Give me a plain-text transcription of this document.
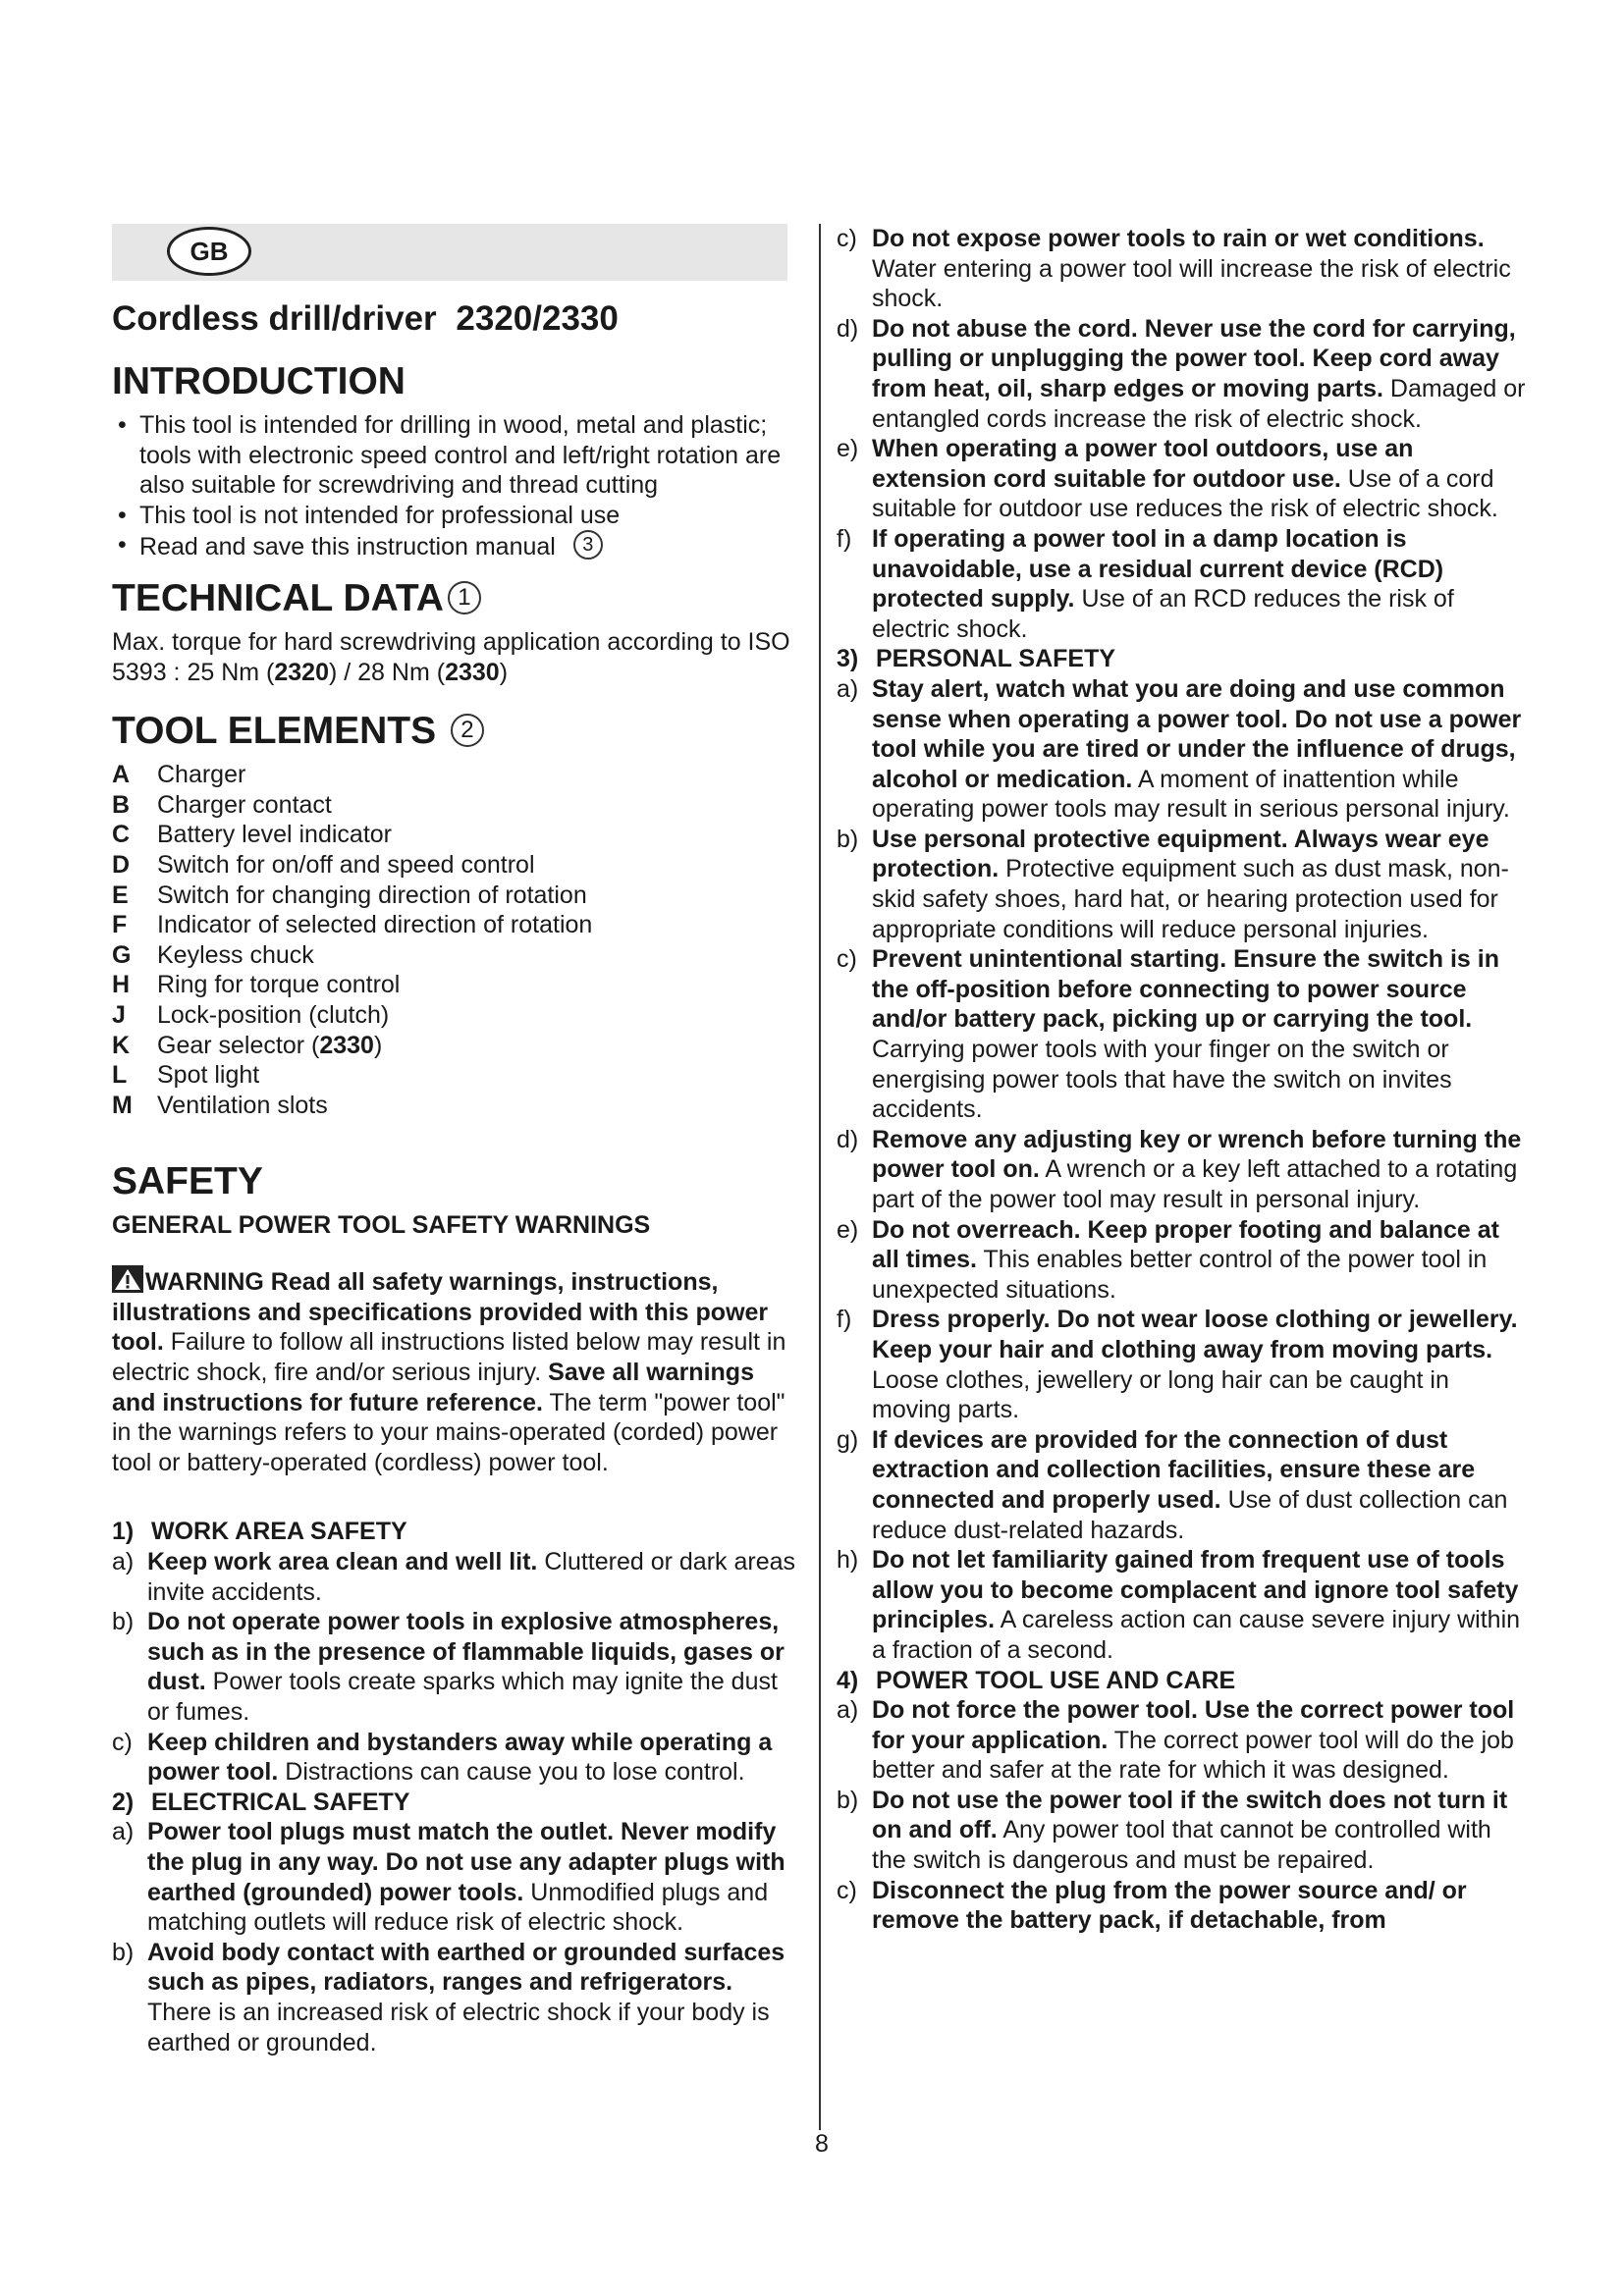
GB
Cordless drill/driver 2320/2330
INTRODUCTION
• This tool is intended for drilling in wood, metal and plastic; tools with electronic speed control and left/right rotation are also suitable for screwdriving and thread cutting
• This tool is not intended for professional use
• Read and save this instruction manual 3
TECHNICAL DATA 1
Max. torque for hard screwdriving application according to ISO 5393 : 25 Nm (2320) / 28 Nm (2330)
TOOL ELEMENTS 2
A	Charger
B	Charger contact
C	Battery level indicator
D	Switch for on/off and speed control
E	Switch for changing direction of rotation
F	Indicator of selected direction of rotation
G	Keyless chuck
H	Ring for torque control
J	Lock-position (clutch)
K	Gear selector (2330)
L	Spot light
M	Ventilation slots
SAFETY
GENERAL POWER TOOL SAFETY WARNINGS
WARNING Read all safety warnings, instructions, illustrations and specifications provided with this power tool. Failure to follow all instructions listed below may result in electric shock, fire and/or serious injury. Save all warnings and instructions for future reference. The term "power tool" in the warnings refers to your mains-operated (corded) power tool or battery-operated (cordless) power tool.
1) WORK AREA SAFETY
a) Keep work area clean and well lit. Cluttered or dark areas invite accidents.
b) Do not operate power tools in explosive atmospheres, such as in the presence of flammable liquids, gases or dust. Power tools create sparks which may ignite the dust or fumes.
c) Keep children and bystanders away while operating a power tool. Distractions can cause you to lose control.
2) ELECTRICAL SAFETY
a) Power tool plugs must match the outlet. Never modify the plug in any way. Do not use any adapter plugs with earthed (grounded) power tools. Unmodified plugs and matching outlets will reduce risk of electric shock.
b) Avoid body contact with earthed or grounded surfaces such as pipes, radiators, ranges and refrigerators. There is an increased risk of electric shock if your body is earthed or grounded.
c) Do not expose power tools to rain or wet conditions. Water entering a power tool will increase the risk of electric shock.
d) Do not abuse the cord. Never use the cord for carrying, pulling or unplugging the power tool. Keep cord away from heat, oil, sharp edges or moving parts. Damaged or entangled cords increase the risk of electric shock.
e) When operating a power tool outdoors, use an extension cord suitable for outdoor use. Use of a cord suitable for outdoor use reduces the risk of electric shock.
f) If operating a power tool in a damp location is unavoidable, use a residual current device (RCD) protected supply. Use of an RCD reduces the risk of electric shock.
3) PERSONAL SAFETY
a) Stay alert, watch what you are doing and use common sense when operating a power tool. Do not use a power tool while you are tired or under the influence of drugs, alcohol or medication. A moment of inattention while operating power tools may result in serious personal injury.
b) Use personal protective equipment. Always wear eye protection. Protective equipment such as dust mask, non-skid safety shoes, hard hat, or hearing protection used for appropriate conditions will reduce personal injuries.
c) Prevent unintentional starting. Ensure the switch is in the off-position before connecting to power source and/or battery pack, picking up or carrying the tool. Carrying power tools with your finger on the switch or energising power tools that have the switch on invites accidents.
d) Remove any adjusting key or wrench before turning the power tool on. A wrench or a key left attached to a rotating part of the power tool may result in personal injury.
e) Do not overreach. Keep proper footing and balance at all times. This enables better control of the power tool in unexpected situations.
f) Dress properly. Do not wear loose clothing or jewellery. Keep your hair and clothing away from moving parts. Loose clothes, jewellery or long hair can be caught in moving parts.
g) If devices are provided for the connection of dust extraction and collection facilities, ensure these are connected and properly used. Use of dust collection can reduce dust-related hazards.
h) Do not let familiarity gained from frequent use of tools allow you to become complacent and ignore tool safety principles. A careless action can cause severe injury within a fraction of a second.
4) POWER TOOL USE AND CARE
a) Do not force the power tool. Use the correct power tool for your application. The correct power tool will do the job better and safer at the rate for which it was designed.
b) Do not use the power tool if the switch does not turn it on and off. Any power tool that cannot be controlled with the switch is dangerous and must be repaired.
c) Disconnect the plug from the power source and/ or remove the battery pack, if detachable, from
8
